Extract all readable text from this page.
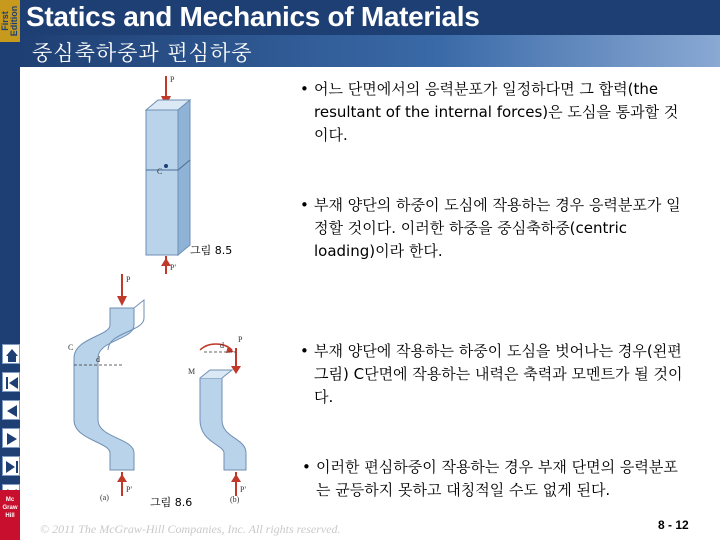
First
Edition Statics and Mechanics of Materials
중심축하중과 편심하중
Mc
Graw
Hill
P
C
P'
그림 8.5
P
C
d
P'
(a)
P
d
M
P'
(b)
그림 8.6
• 어느 단면에서의 응력분포가 일정하다면 그 합력(the resultant of the internal forces)은 도심을 통과할 것이다.
• 부재 양단의 하중이 도심에 작용하는 경우 응력분포가 일정할 것이다. 이러한 하중을 중심축하중(centric loading)이라 한다.
• 부재 양단에 작용하는 하중이 도심을 벗어나는 경우(왼편그림) C단면에 작용하는 내력은 축력과 모멘트가 될 것이다.
• 이러한 편심하중이 작용하는 경우 부재 단면의 응력분포는 균등하지 못하고 대칭적일 수도 없게 된다.
© 2011 The McGraw-Hill Companies, Inc. All rights reserved.	8 - 12
